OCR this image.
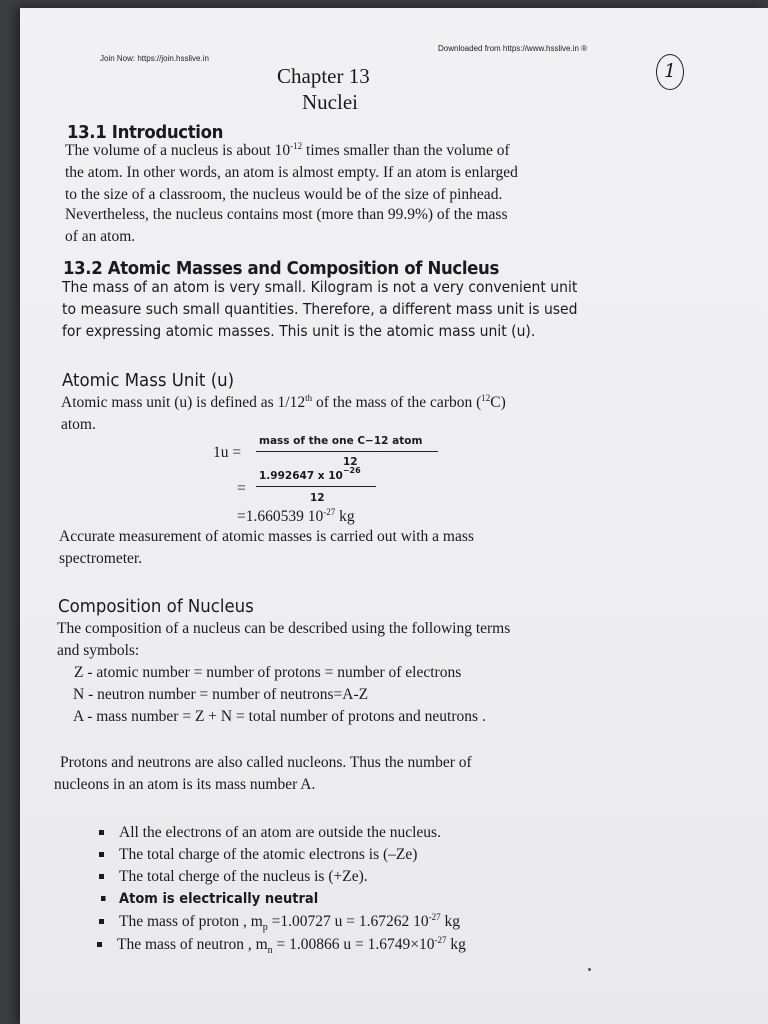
Join Now: https://join.hsslive.in
Downloaded from https://www.hsslive.in ®
1
Chapter 13
Nuclei
13.1 Introduction
The volume of a nucleus is about $10^{-12}$ times smaller than the volume of
the atom. In other words, an atom is almost empty. If an atom is enlarged
to the size of a classroom, the nucleus would be of the size of pinhead.
Nevertheless, the nucleus contains most (more than 99.9%) of the mass
of an atom.
13.2 Atomic Masses and Composition of Nucleus
The mass of an atom is very small. Kilogram is not a very convenient unit
to measure such small quantities. Therefore, a different mass unit is used
for expressing atomic masses. This unit is the atomic mass unit (u).
Atomic Mass Unit (u)
Atomic mass unit (u) is defined as 1/12th of the mass of the carbon ($^{12}$C)
atom.
1u =
mass of the one C−12 atom
12
=
1.992647 x $10^{-26}$
12
=1.660539 $10^{-27}$ kg
Accurate measurement of atomic masses is carried out with a mass
spectrometer.
Composition of Nucleus
The composition of a nucleus can be described using the following terms
and symbols:
Z - atomic number = number of protons = number of electrons
N - neutron number = number of neutrons=A-Z
A - mass number = Z + N = total number of protons and neutrons .
Protons and neutrons are also called nucleons. Thus the number of
nucleons in an atom is its mass number A.
All the electrons of an atom are outside the nucleus.
The total charge of the atomic electrons is (–Ze)
The total cherge of the nucleus is (+Ze).
Atom is electrically neutral
The mass of proton , $m_p =1.00727$ u = 1.67262 $10^{-27}$ kg
The mass of neutron , $m_n = 1.00866$ $u = 1.6749\times 10^{-27}$ kg
